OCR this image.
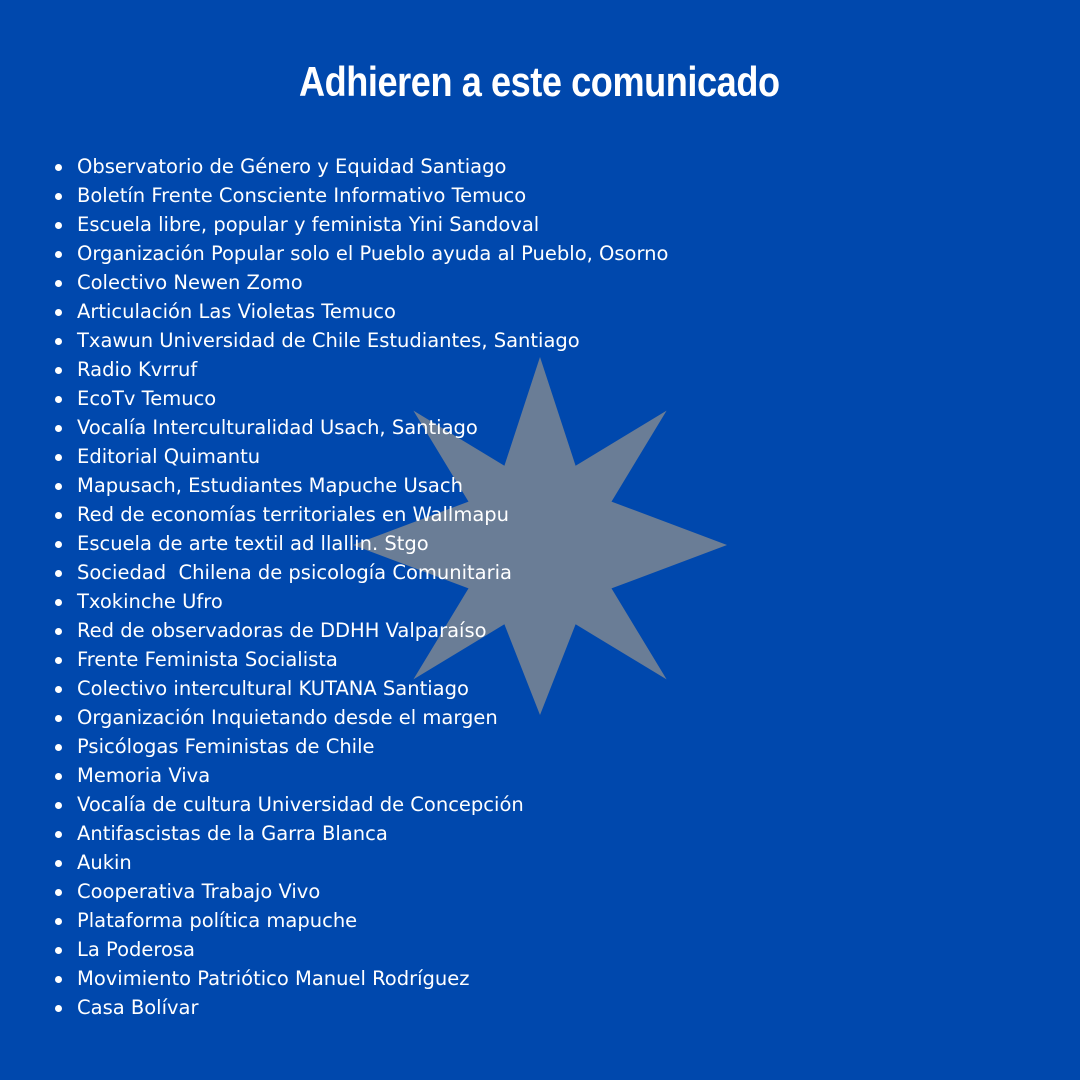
Adhieren a este comunicado
Observatorio de Género y Equidad Santiago
Boletín Frente Consciente Informativo Temuco
Escuela libre, popular y feminista Yini Sandoval
Organización Popular solo el Pueblo ayuda al Pueblo, Osorno
Colectivo Newen Zomo
Articulación Las Violetas Temuco
Txawun Universidad de Chile Estudiantes, Santiago
Radio Kvrruf
EcoTv Temuco
Vocalía Interculturalidad Usach, Santiago
Editorial Quimantu
Mapusach, Estudiantes Mapuche Usach
Red de economías territoriales en Wallmapu
Escuela de arte textil ad llallin. Stgo
Sociedad  Chilena de psicología Comunitaria
Txokinche Ufro
Red de observadoras de DDHH Valparaíso
Frente Feminista Socialista
Colectivo intercultural KUTANA Santiago
Organización Inquietando desde el margen
Psicólogas Feministas de Chile
Memoria Viva
Vocalía de cultura Universidad de Concepción
Antifascistas de la Garra Blanca
Aukin
Cooperativa Trabajo Vivo
Plataforma política mapuche
La Poderosa
Movimiento Patriótico Manuel Rodríguez
Casa Bolívar
